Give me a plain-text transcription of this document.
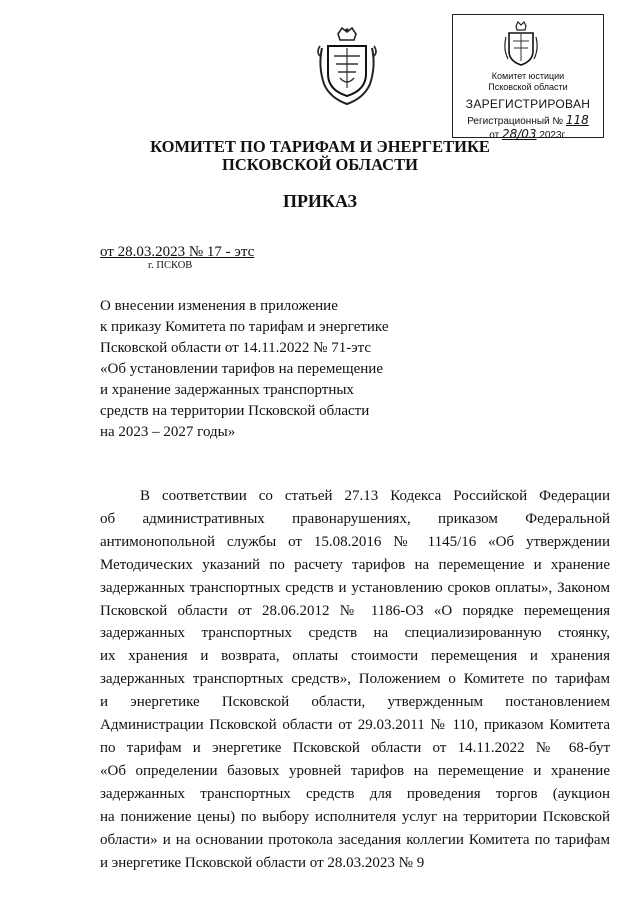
Комитет юстиции
Псковской области
ЗАРЕГИСТРИРОВАН
Регистрационный № 118
от 28/03 2023г.
КОМИТЕТ ПО ТАРИФАМ И ЭНЕРГЕТИКЕ
ПСКОВСКОЙ ОБЛАСТИ
ПРИКАЗ
от 28.03.2023 № 17 - этс
г. ПСКОВ
О внесении изменения в приложение
к приказу Комитета по тарифам и энергетике
Псковской области от 14.11.2022 № 71-этс
«Об установлении тарифов на перемещение
и хранение задержанных транспортных
средств на территории Псковской области
на 2023 – 2027 годы»
В соответствии со статьей 27.13 Кодекса Российской Федерации
об административных правонарушениях, приказом Федеральной
антимонопольной службы от 15.08.2016 № 1145/16 «Об утверждении
Методических указаний по расчету тарифов на перемещение и хранение
задержанных транспортных средств и установлению сроков оплаты», Законом
Псковской области от 28.06.2012 № 1186-ОЗ «О порядке перемещения
задержанных транспортных средств на специализированную стоянку,
их хранения и возврата, оплаты стоимости перемещения и хранения
задержанных транспортных средств», Положением о Комитете по тарифам
и энергетике Псковской области, утвержденным постановлением
Администрации Псковской области от 29.03.2011 № 110, приказом Комитета
по тарифам и энергетике Псковской области от 14.11.2022 № 68-бут
«Об определении базовых уровней тарифов на перемещение и хранение
задержанных транспортных средств для проведения торгов (аукцион
на понижение цены) по выбору исполнителя услуг на территории Псковской
области» и на основании протокола заседания коллегии Комитета по тарифам
и энергетике Псковской области от 28.03.2023 № 9
